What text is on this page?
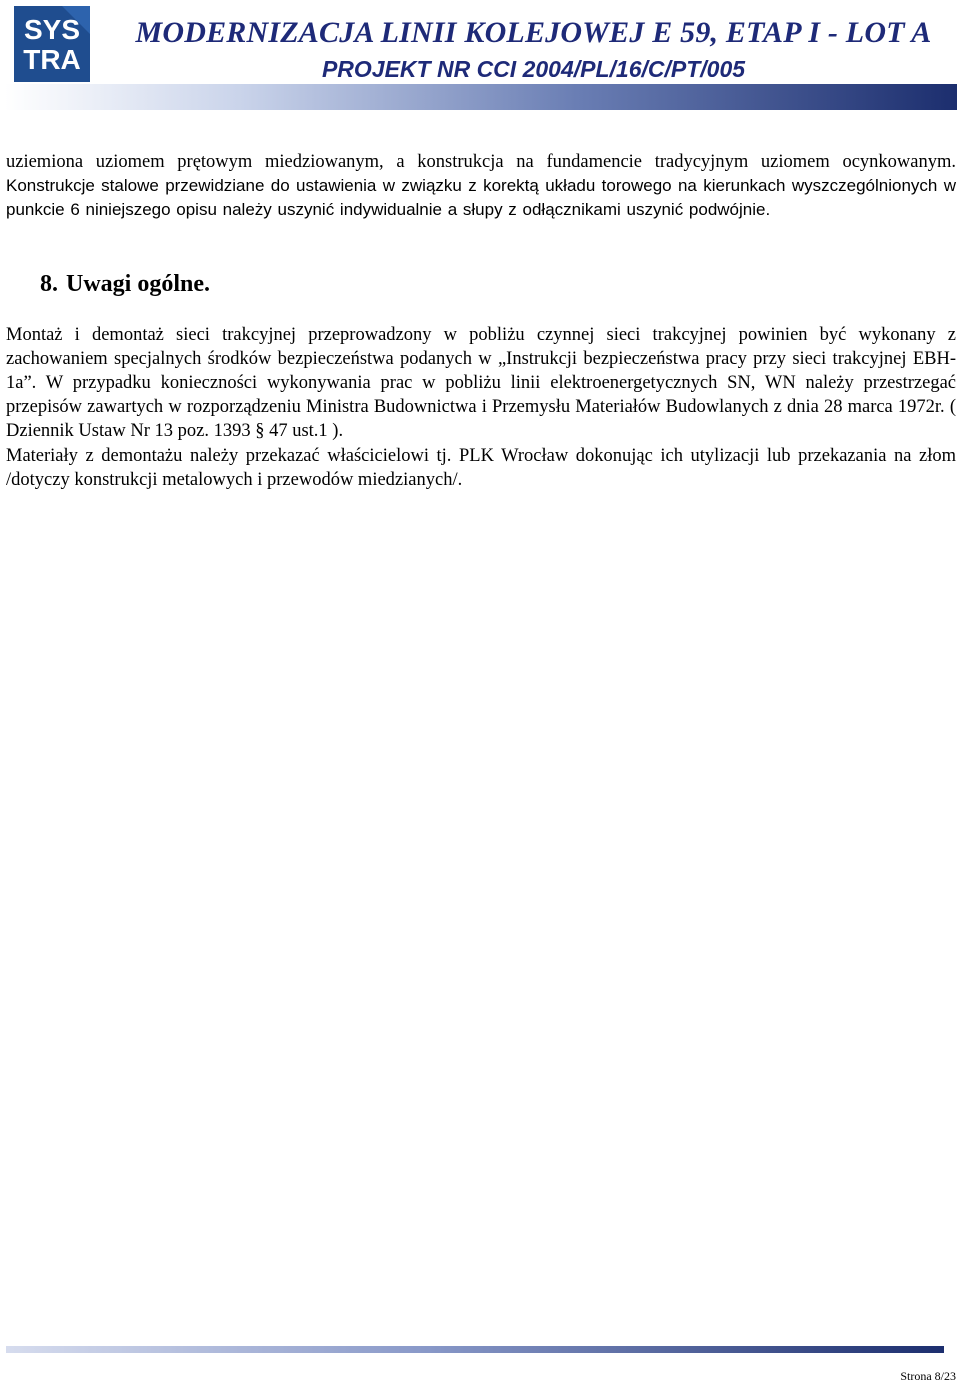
SYS
TRA
MODERNIZACJA LINII KOLEJOWEJ E 59, ETAP I - LOT A
PROJEKT NR CCI 2004/PL/16/C/PT/005

uziemiona uziomem prętowym miedziowanym, a konstrukcja na fundamencie tradycyjnym uziomem ocynkowanym. Konstrukcje stalowe przewidziane do ustawienia w związku z korektą układu torowego na kierunkach wyszczególnionych w punkcie 6 niniejszego opisu należy uszynić indywidualnie a słupy z odłącznikami uszynić podwójnie.

8. Uwagi ogólne.

Montaż i demontaż sieci trakcyjnej przeprowadzony w pobliżu czynnej sieci trakcyjnej powinien być wykonany z zachowaniem specjalnych środków bezpieczeństwa podanych w „Instrukcji bezpieczeństwa pracy przy sieci trakcyjnej EBH-1a”. W przypadku konieczności wykonywania prac w pobliżu linii elektroenergetycznych SN, WN należy przestrzegać przepisów zawartych w rozporządzeniu Ministra Budownictwa i Przemysłu Materiałów Budowlanych z dnia 28 marca 1972r. ( Dziennik Ustaw Nr 13 poz. 1393 § 47 ust.1 ).

Materiały z demontażu należy przekazać właścicielowi tj. PLK Wrocław dokonując ich utylizacji lub przekazania na złom /dotyczy konstrukcji metalowych i przewodów miedzianych/.

Strona 8/23
